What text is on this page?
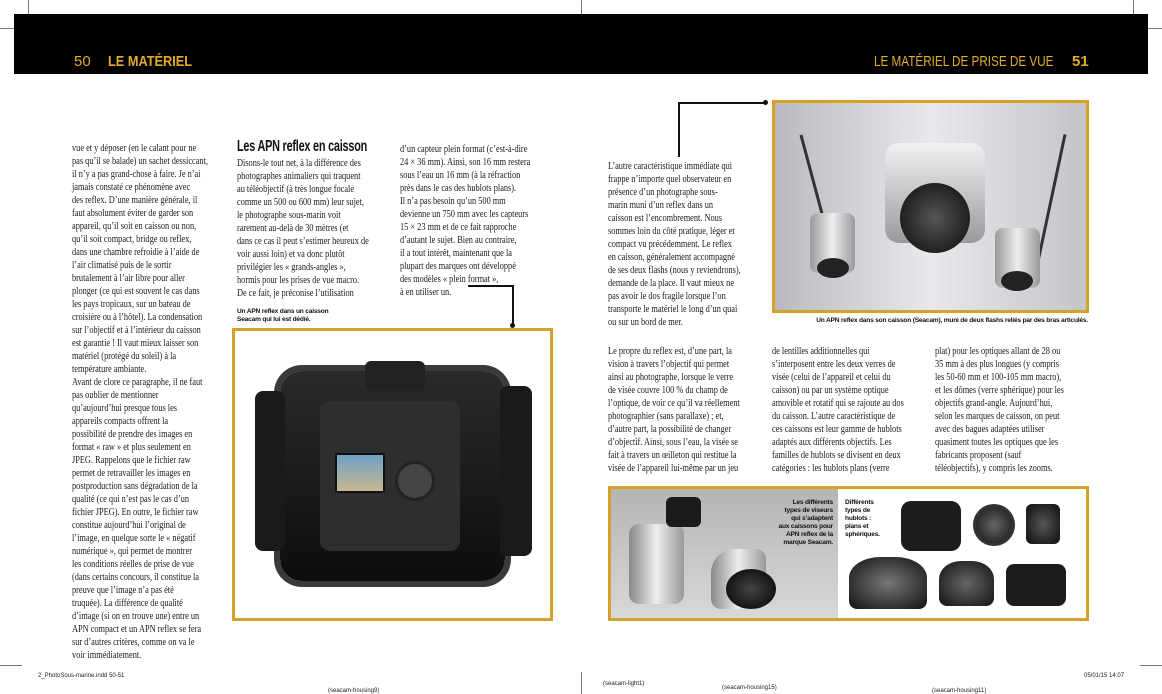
50 LE MATÉRIEL	LE MATÉRIEL DE PRISE DE VUE 51
vue et y déposer (en le calant pour ne
pas qu’il se balade) un sachet dessiccant,
il n’y a pas grand-chose à faire. Je n’ai
jamais constaté ce phénomène avec
des reflex. D’une manière générale, il
faut absolument éviter de garder son
appareil, qu’il soit en caisson ou non,
qu’il soit compact, bridge ou reflex,
dans une chambre refroidie à l’aide de
l’air climatisé puis de le sortir
brutalement à l’air libre pour aller
plonger (ce qui est souvent le cas dans
les pays tropicaux, sur un bateau de
croisière ou à l’hôtel). La condensation
sur l’objectif et à l’intérieur du caisson
est garantie ! Il vaut mieux laisser son
matériel (protégé du soleil) à la
température ambiante.
Avant de clore ce paragraphe, il ne faut
pas oublier de mentionner
qu’aujourd’hui presque tous les
appareils compacts offrent la
possibilité de prendre des images en
format « raw » et plus seulement en
JPEG. Rappelons que le fichier raw
permet de retravailler les images en
postproduction sans dégradation de la
qualité (ce qui n’est pas le cas d’un
fichier JPEG). En outre, le fichier raw
constitue aujourd’hui l’original de
l’image, en quelque sorte le « négatif
numérique », qui permet de montrer
les conditions réelles de prise de vue
(dans certains concours, il constitue la
preuve que l’image n’a pas été
truquée). La différence de qualité
d’image (si on en trouve une) entre un
APN compact et un APN reflex se fera
sur d’autres critères, comme on va le
voir immédiatement.
Les APN reflex en caisson
Disons-le tout net, à la différence des
photographes animaliers qui traquent
au téléobjectif (à très longue focale
comme un 500 ou 600 mm) leur sujet,
le photographe sous-marin voit
rarement au-delà de 30 mètres (et
dans ce cas il peut s’estimer heureux de
voir aussi loin) et va donc plutôt
privilégier les « grands-angles »,
hormis pour les prises de vue macro.
De ce fait, je préconise l’utilisation
d’un capteur plein format (c’est-à-dire
24 × 36 mm). Ainsi, son 16 mm restera
sous l’eau un 16 mm (à la réfraction
près dans le cas des hublots plans).
Il n’a pas besoin qu’un 500 mm
devienne un 750 mm avec les capteurs
15 × 23 mm et de ce fait rapproche
d’autant le sujet. Bien au contraire,
il a tout intérêt, maintenant que la
plupart des marques ont développé
des modèles « plein format »,
à en utiliser un.
Un APN reflex dans un caisson
Seacam qui lui est dédié.
L’autre caractéristique immédiate qui
frappe n’importe quel observateur en
présence d’un photographe sous-
marin muni d’un reflex dans un
caisson est l’encombrement. Nous
sommes loin du côté pratique, léger et
compact vu précédemment. Le reflex
en caisson, généralement accompagné
de ses deux flashs (nous y reviendrons),
demande de la place. Il vaut mieux ne
pas avoir le dos fragile lorsque l’on
transporte le matériel le long d’un quai
ou sur un bord de mer.	Un APN reflex dans son caisson (Seacam), muni de deux flashs reliés par des bras articulés.
Le propre du reflex est, d’une part, la
vision à travers l’objectif qui permet
ainsi au photographe, lorsque le verre
de visée couvre 100 % du champ de
l’optique, de voir ce qu’il va réellement
photographier (sans parallaxe) ; et,
d’autre part, la possibilité de changer
d’objectif. Ainsi, sous l’eau, la visée se
fait à travers un œilleton qui restitue la
visée de l’appareil lui-même par un jeu
de lentilles additionnelles qui
s’interposent entre les deux verres de
visée (celui de l’appareil et celui du
caisson) ou par un système optique
amovible et rotatif qui se rajoute au dos
du caisson. L’autre caractéristique de
ces caissons est leur gamme de hublots
adaptés aux différents objectifs. Les
familles de hublots se divisent en deux
catégories : les hublots plans (verre
plat) pour les optiques allant de 28 ou
35 mm à des plus longues (y compris
les 50-60 mm et 100-105 mm macro),
et les dômes (verre sphérique) pour les
objectifs grand-angle. Aujourd’hui,
selon les marques de caisson, on peut
avec des bagues adaptées utiliser
quasiment toutes les optiques que les
fabricants proposent (sauf
téléobjectifs), y compris les zooms.
Les différents
types de viseurs
qui s’adaptent
aux caissons pour
APN reflex de la
marque Seacam.
Différents
types de
hublots :
plans et
sphériques.
2_PhotoSous-marine.indd 50-51	05/01/15 14:07
(seacam-housing9)
(seacam-light1)
(seacam-housing15)	(seacam-housing11)
